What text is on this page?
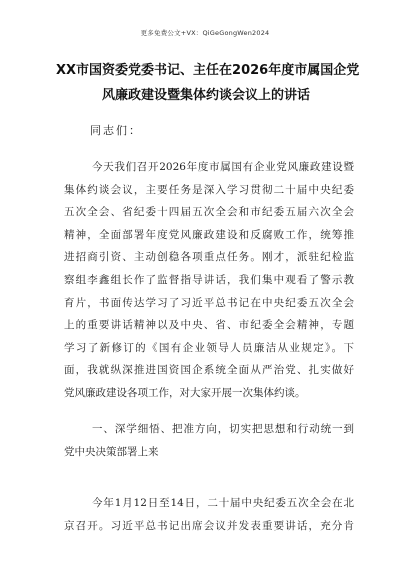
更多免费公文+VX：QiGeGongWen2024
XX市国资委党委书记、主任在2026年度市属国企党
风廉政建设暨集体约谈会议上的讲话
同志们：
今天我们召开2026年度市属国有企业党风廉政建设暨
集体约谈会议，主要任务是深入学习贯彻二十届中央纪委
五次全会、省纪委十四届五次全会和市纪委五届六次全会
精神，全面部署年度党风廉政建设和反腐败工作，统筹推
进招商引资、主动创稳各项重点任务。刚才，派驻纪检监
察组李鑫组长作了监督指导讲话，我们集中观看了警示教
育片，书面传达学习了习近平总书记在中央纪委五次全会
上的重要讲话精神以及中央、省、市纪委全会精神，专题
学习了新修订的《国有企业领导人员廉洁从业规定》。下
面，我就纵深推进国资国企系统全面从严治党、扎实做好
党风廉政建设各项工作，对大家开展一次集体约谈。
一、深学细悟、把准方向，切实把思想和行动统一到
党中央决策部署上来
今年1月12日至14日，二十届中央纪委五次全会在北
京召开。习近平总书记出席会议并发表重要讲话，充分肯
